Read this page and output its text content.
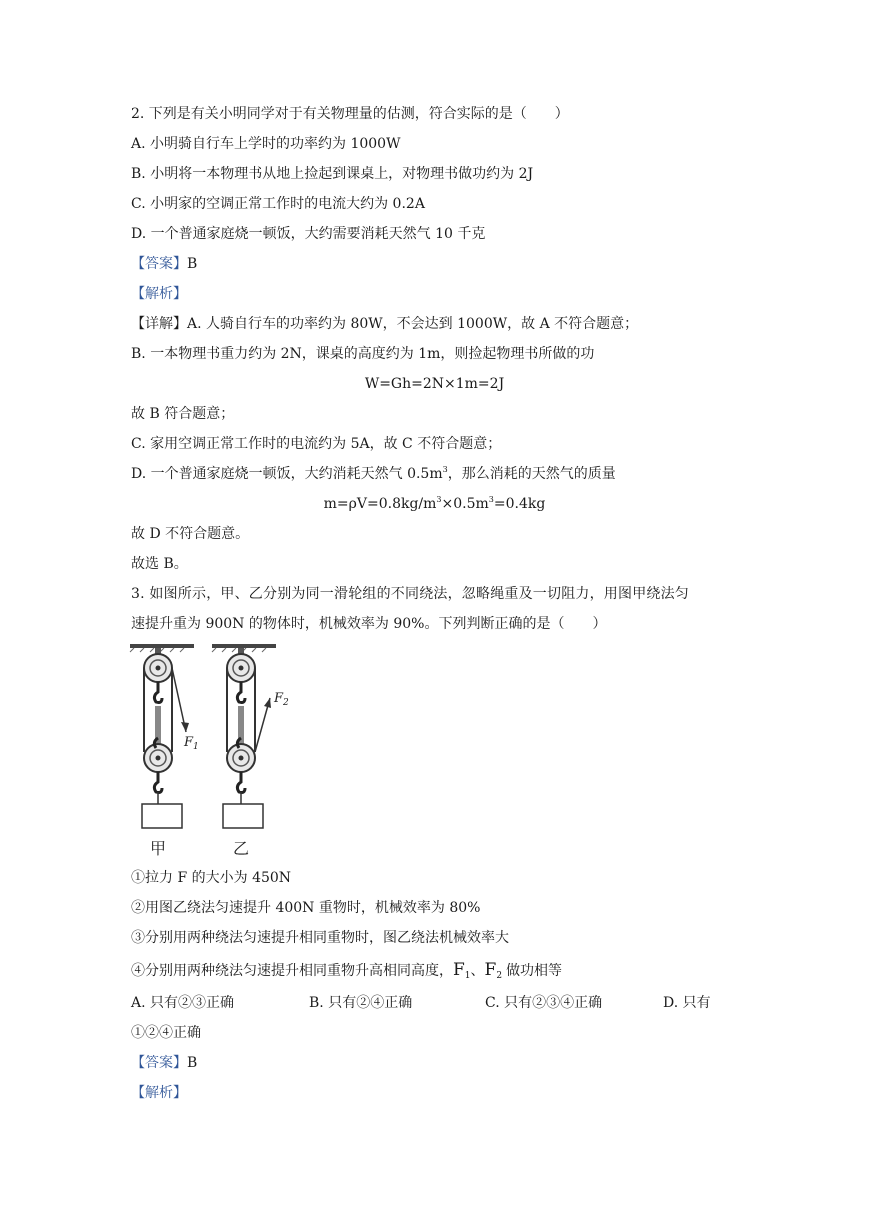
2. 下列是有关小明同学对于有关物理量的估测，符合实际的是（　　）
A. 小明骑自行车上学时的功率约为 1000W
B. 小明将一本物理书从地上捡起到课桌上，对物理书做功约为 2J
C. 小明家的空调正常工作时的电流大约为 0.2A
D. 一个普通家庭烧一顿饭，大约需要消耗天然气 10 千克
【答案】B
【解析】
【详解】A. 人骑自行车的功率约为 80W，不会达到 1000W，故 A 不符合题意；
B. 一本物理书重力约为 2N，课桌的高度约为 1m，则捡起物理书所做的功
W=Gh=2N×1m=2J
故 B 符合题意；
C. 家用空调正常工作时的电流约为 5A，故 C 不符合题意；
D. 一个普通家庭烧一顿饭，大约消耗天然气 $0.5m^3$，那么消耗的天然气的质量
$m=\rho V=0.8kg/m^3\times 0.5m^3=0.4kg$
故 D 不符合题意。
故选 B。
3. 如图所示，甲、乙分别为同一滑轮组的不同绕法，忽略绳重及一切阻力，用图甲绕法匀
速提升重为 900N 的物体时，机械效率为 90%。下列判断正确的是（　　）
$F_1$
$F_2$
甲	乙
①拉力 F 的大小为 450N
②用图乙绕法匀速提升 400N 重物时，机械效率为 80%
③分别用两种绕法匀速提升相同重物时，图乙绕法机械效率大
④分别用两种绕法匀速提升相同重物升高相同高度，$F_1$、$F_2$ 做功相等
A. 只有②③正确	B. 只有②④正确	C. 只有②③④正确	D. 只有
①②④正确
【答案】B
【解析】
